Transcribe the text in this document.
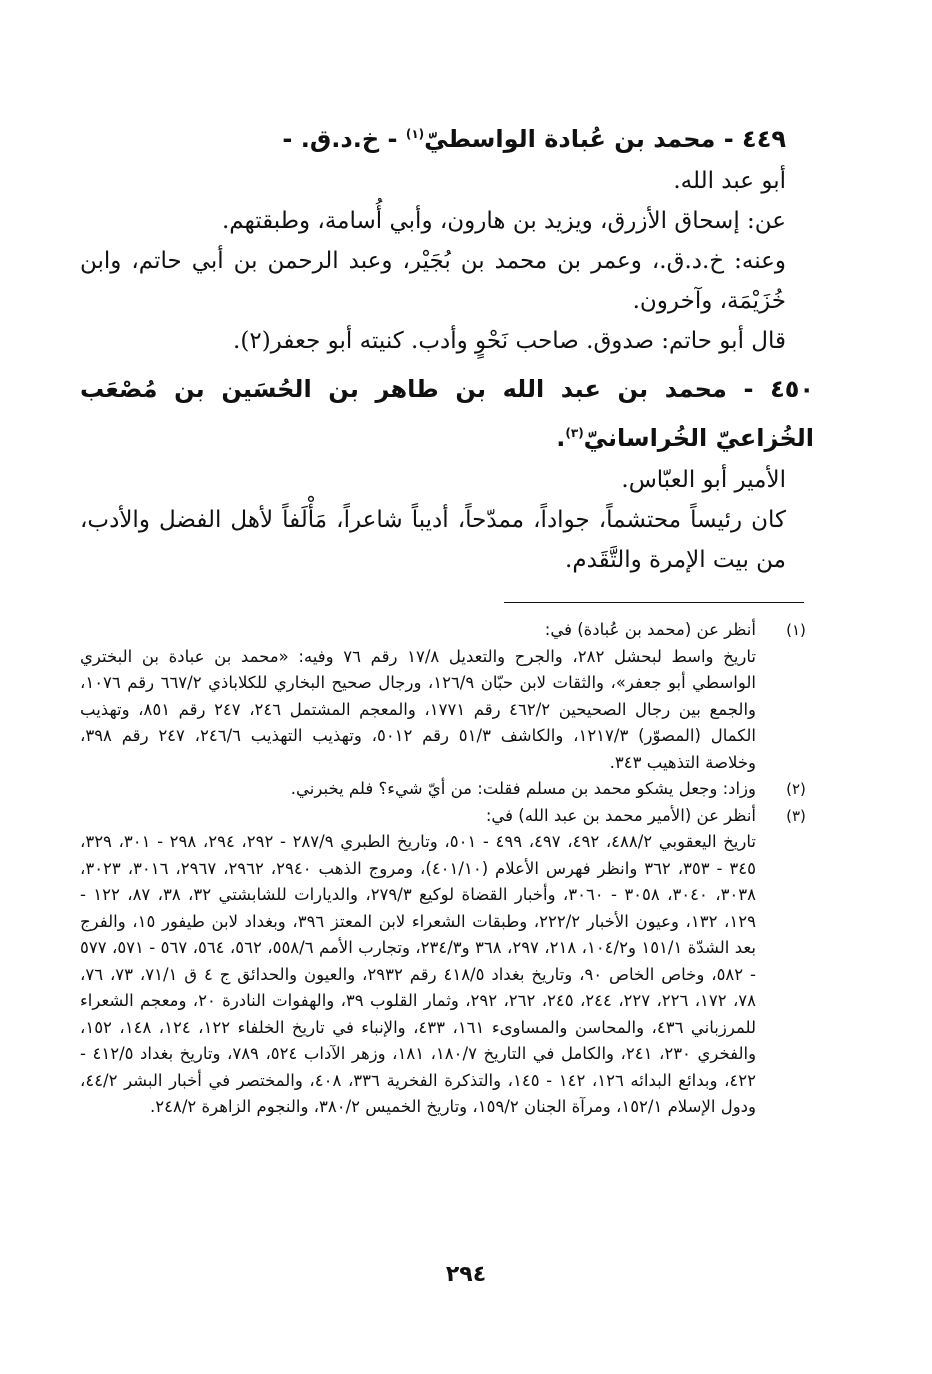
٤٤٩ - محمد بن عُبادة الواسطيّ$^{(١)}$ - خ.د.ق. -

أبو عبد الله.

عن: إسحاق الأزرق، ويزيد بن هارون، وأبي أُسامة، وطبقتهم.

وعنه: خ.د.ق.، وعمر بن محمد بن بُجَيْر، وعبد الرحمن بن أبي حاتم، وابن خُزَيْمَة، وآخرون.

قال أبو حاتم: صدوق. صاحب نَحْوٍ وأدب. كنيته أبو جعفر(٢).

٤٥٠ - محمد بن عبد الله بن طاهر بن الحُسَين بن مُصْعَب الخُزاعيّ الخُراسانيّ$^{(٣)}$.

الأمير أبو العبّاس.

كان رئيساً محتشماً، جواداً، ممدّحاً، أديباً شاعراً، مَأْلَفاً لأهل الفضل والأدب، من بيت الإمرة والتَّقَدم.

(١)

أنظر عن (محمد بن عُبادة) في:

تاريخ واسط لبحشل ٢٨٢، والجرح والتعديل ١٧/٨ رقم ٧٦ وفيه: «محمد بن عبادة بن البختري الواسطي أبو جعفر»، والثقات لابن حبّان ١٢٦/٩، ورجال صحيح البخاري للكلاباذي ٦٦٧/٢ رقم ١٠٧٦، والجمع بين رجال الصحيحين ٤٦٢/٢ رقم ١٧٧١، والمعجم المشتمل ٢٤٦، ٢٤٧ رقم ٨٥١، وتهذيب الكمال (المصوّر) ١٢١٧/٣، والكاشف ٥١/٣ رقم ٥٠١٢، وتهذيب التهذيب ٢٤٦/٦، ٢٤٧ رقم ٣٩٨، وخلاصة التذهيب ٣٤٣.

(٢)

وزاد: وجعل يشكو محمد بن مسلم فقلت: من أيّ شيء؟ فلم يخبرني.

(٣)

أنظر عن (الأمير محمد بن عبد الله) في:

تاريخ اليعقوبي ٤٨٨/٢، ٤٩٢، ٤٩٧، ٤٩٩ - ٥٠١، وتاريخ الطبري ٢٨٧/٩ - ٢٩٢، ٢٩٤، ٢٩٨ - ٣٠١، ٣٢٩، ٣٤٥ - ٣٥٣، ٣٦٢ وانظر فهرس الأعلام (٤٠١/١٠)، ومروج الذهب ٢٩٤٠، ٢٩٦٢، ٢٩٦٧، ٣٠١٦، ٣٠٢٣، ٣٠٣٨، ٣٠٤٠، ٣٠٥٨ - ٣٠٦٠، وأخبار القضاة لوكيع ٢٧٩/٣، والديارات للشابشتي ٣٢، ٣٨، ٨٧، ١٢٢ - ١٢٩، ١٣٢، وعيون الأخبار ٢٢٢/٢، وطبقات الشعراء لابن المعتز ٣٩٦، وبغداد لابن طيفور ١٥، والفرج بعد الشدّة ١٥١/١ و١٠٤/٢، ٢١٨، ٢٩٧، ٣٦٨ و٢٣٤/٣، وتجارب الأمم ٥٥٨/٦، ٥٦٢، ٥٦٤، ٥٦٧ - ٥٧١، ٥٧٧ - ٥٨٢، وخاص الخاص ٩٠، وتاريخ بغداد ٤١٨/٥ رقم ٢٩٣٢، والعيون والحدائق ج ٤ ق ٧١/١، ٧٣، ٧٦، ٧٨، ١٧٢، ٢٢٦، ٢٢٧، ٢٤٤، ٢٤٥، ٢٦٢، ٢٩٢، وثمار القلوب ٣٩، والهفوات النادرة ٢٠، ومعجم الشعراء للمرزباني ٤٣٦، والمحاسن والمساوىء ١٦١، ٤٣٣، والإنباء في تاريخ الخلفاء ١٢٢، ١٢٤، ١٤٨، ١٥٢، والفخري ٢٣٠، ٢٤١، والكامل في التاريخ ١٨٠/٧، ١٨١، وزهر الآداب ٥٢٤، ٧٨٩، وتاريخ بغداد ٤١٢/٥ - ٤٢٢، وبدائع البدائه ١٢٦، ١٤٢ - ١٤٥، والتذكرة الفخرية ٣٣٦، ٤٠٨، والمختصر في أخبار البشر ٤٤/٢، ودول الإسلام ١٥٢/١، ومرآة الجنان ١٥٩/٢، وتاريخ الخميس ٣٨٠/٢، والنجوم الزاهرة ٢٤٨/٢.

٢٩٤
